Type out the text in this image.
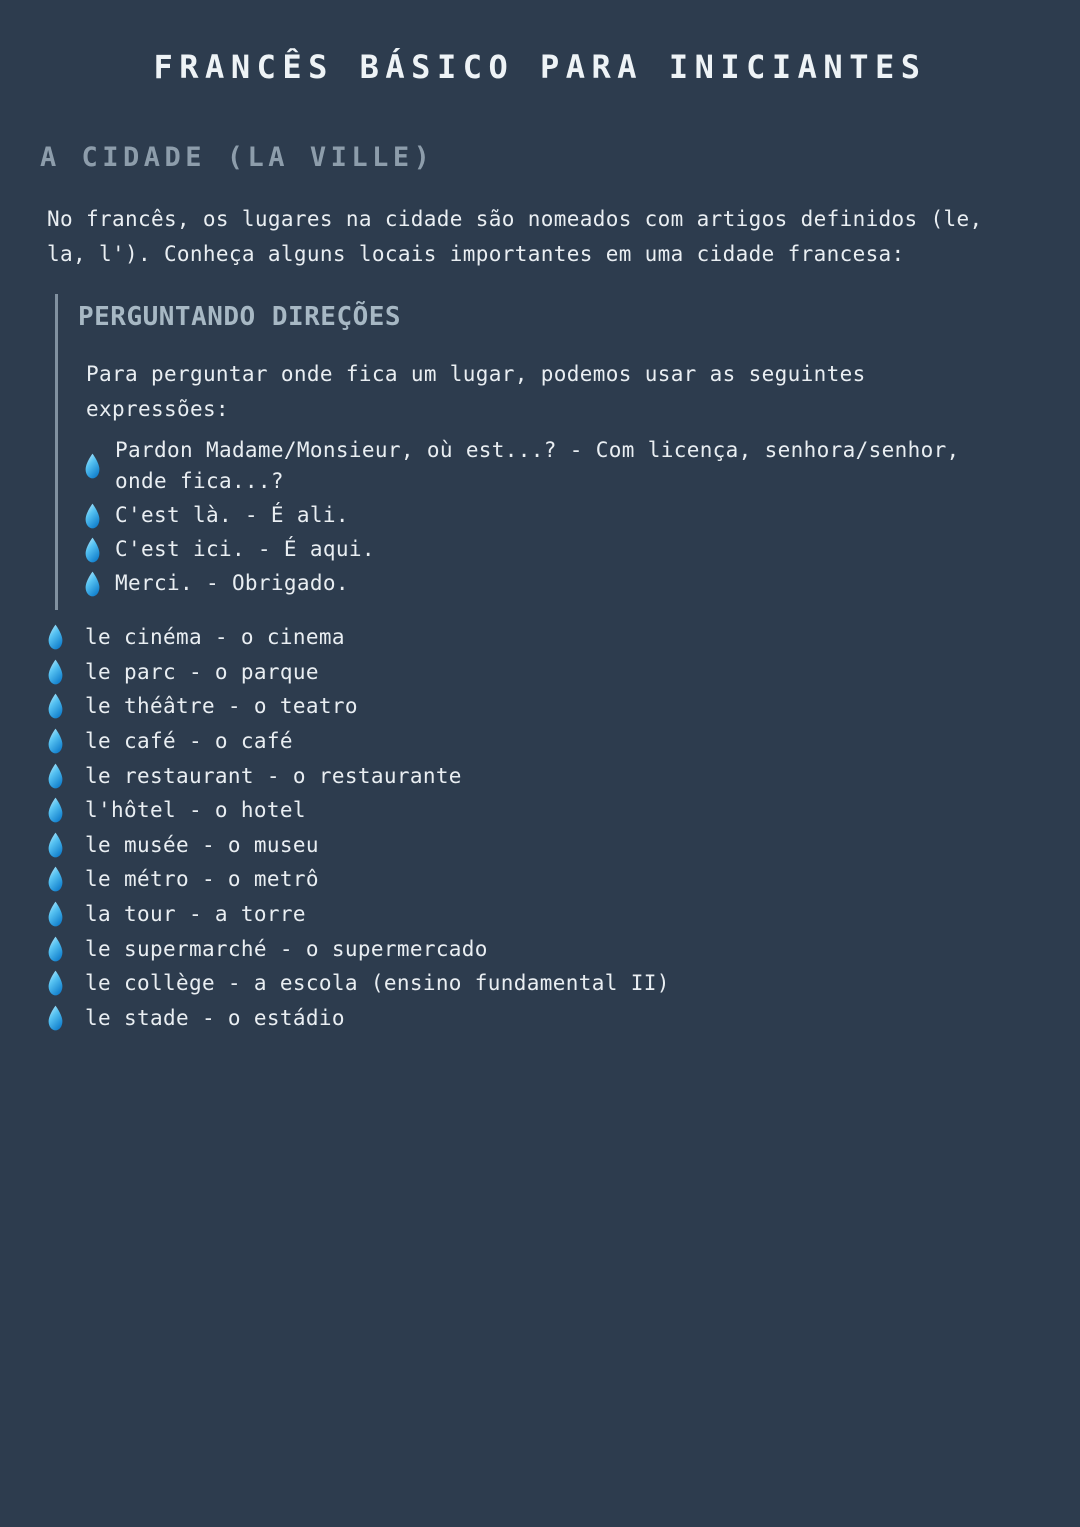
FRANCÊS BÁSICO PARA INICIANTES
A CIDADE (LA VILLE)

No francês, os lugares na cidade são nomeados com artigos definidos (le, la, l'). Conheça alguns locais importantes em uma cidade francesa:

PERGUNTANDO DIREÇÕES

Para perguntar onde fica um lugar, podemos usar as seguintes expressões:

Pardon Madame/Monsieur, où est...? - Com licença, senhora/senhor, onde fica...?
C'est là. - É ali.
C'est ici. - É aqui.
Merci. - Obrigado.
le cinéma - o cinema
le parc - o parque
le théâtre - o teatro
le café - o café
le restaurant - o restaurante
l'hôtel - o hotel
le musée - o museu
le métro - o metrô
la tour - a torre
le supermarché - o supermercado
le collège - a escola (ensino fundamental II)
le stade - o estádio
